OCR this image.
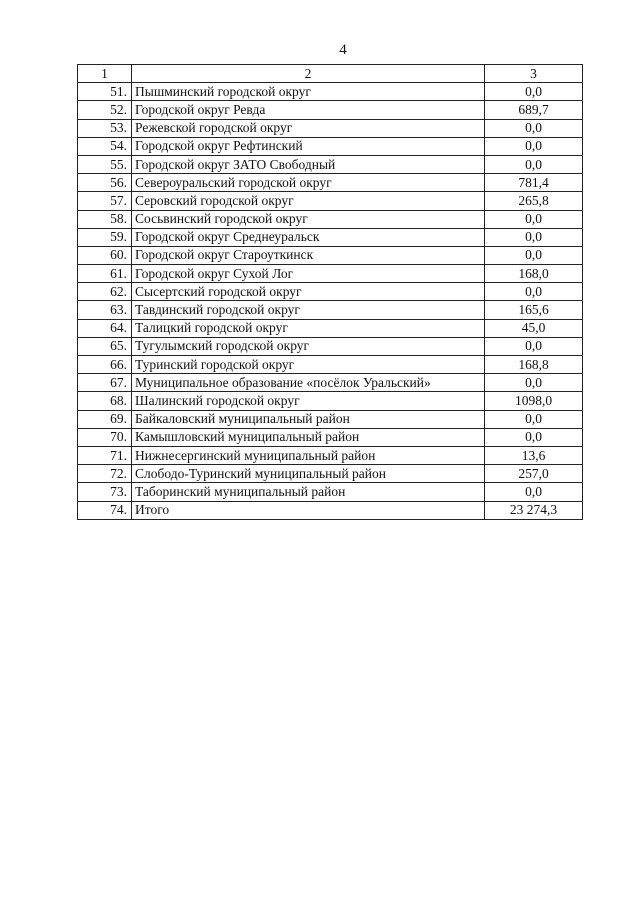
4
1	2	3
51.	Пышминский городской округ	0,0
52.	Городской округ Ревда	689,7
53.	Режевской городской округ	0,0
54.	Городской округ Рефтинский	0,0
55.	Городской округ ЗАТО Свободный	0,0
56.	Североуральский городской округ	781,4
57.	Серовский городской округ	265,8
58.	Сосьвинский городской округ	0,0
59.	Городской округ Среднеуральск	0,0
60.	Городской округ Староуткинск	0,0
61.	Городской округ Сухой Лог	168,0
62.	Сысертский городской округ	0,0
63.	Тавдинский городской округ	165,6
64.	Талицкий городской округ	45,0
65.	Тугулымский городской округ	0,0
66.	Туринский городской округ	168,8
67.	Муниципальное образование «посёлок Уральский»	0,0
68.	Шалинский городской округ	1098,0
69.	Байкаловский муниципальный район	0,0
70.	Камышловский муниципальный район	0,0
71.	Нижнесергинский муниципальный район	13,6
72.	Слободо-Туринский муниципальный район	257,0
73.	Таборинский муниципальный район	0,0
74.	Итого	23 274,3
